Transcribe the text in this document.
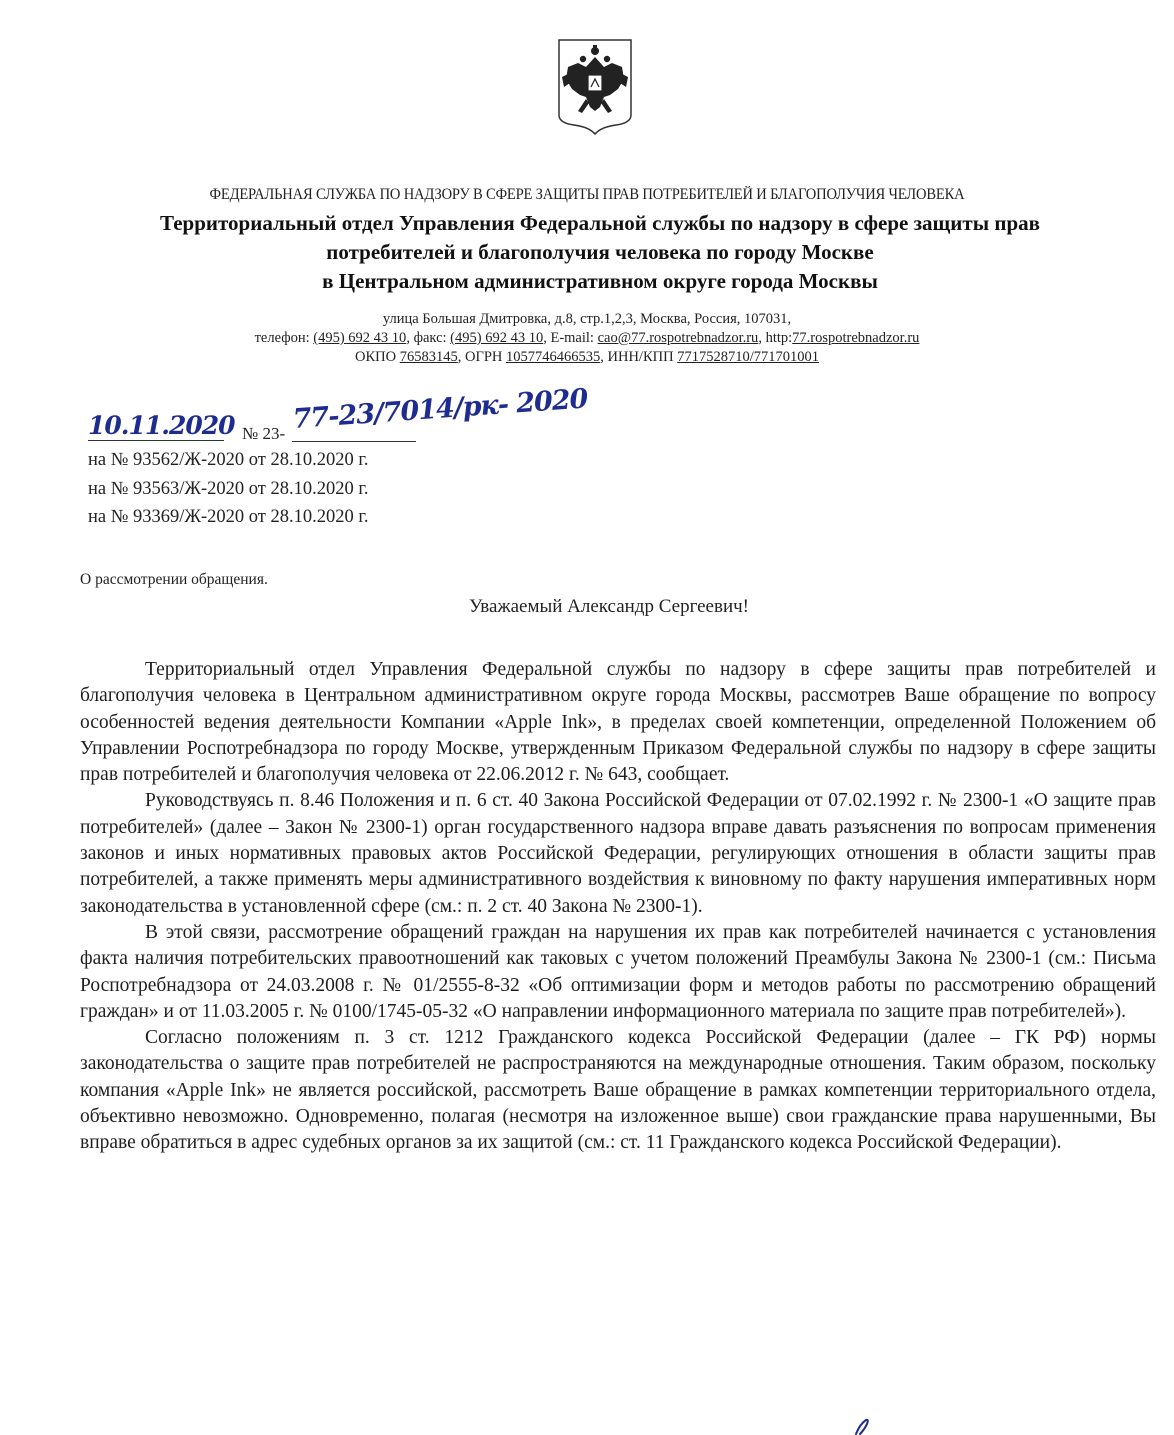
ФЕДЕРАЛЬНАЯ СЛУЖБА ПО НАДЗОРУ В СФЕРЕ ЗАЩИТЫ ПРАВ ПОТРЕБИТЕЛЕЙ И БЛАГОПОЛУЧИЯ ЧЕЛОВЕКА
Территориальный отдел Управления Федеральной службы по надзору в сфере защиты прав
потребителей и благополучия человека по городу Москве
в Центральном административном округе города Москвы
улица Большая Дмитровка, д.8, стр.1,2,3, Москва, Россия, 107031,
телефон: (495) 692 43 10, факс: (495) 692 43 10, E-mail: cao@77.rospotrebnadzor.ru, http:77.rospotrebnadzor.ru
ОКПО 76583145, ОГРН 1057746466535, ИНН/КПП 7717528710/771701001
10.11.2020 № 23- 77-23/7014/рк- 2020
на № 93562/Ж-2020 от 28.10.2020 г.
на № 93563/Ж-2020 от 28.10.2020 г.
на № 93369/Ж-2020 от 28.10.2020 г.
О рассмотрении обращения.
Уважаемый Александр Сергеевич!

Территориальный отдел Управления Федеральной службы по надзору в сфере защиты прав потребителей и благополучия человека в Центральном административном округе города Москвы, рассмотрев Ваше обращение по вопросу особенностей ведения деятельности Компании «Apple Ink», в пределах своей компетенции, определенной Положением об Управлении Роспотребнадзора по городу Москве, утвержденным Приказом Федеральной службы по надзору в сфере защиты прав потребителей и благополучия человека от 22.06.2012 г. № 643, сообщает.

Руководствуясь п. 8.46 Положения и п. 6 ст. 40 Закона Российской Федерации от 07.02.1992 г. № 2300-1 «О защите прав потребителей» (далее – Закон № 2300-1) орган государственного надзора вправе давать разъяснения по вопросам применения законов и иных нормативных правовых актов Российской Федерации, регулирующих отношения в области защиты прав потребителей, а также применять меры административного воздействия к виновному по факту нарушения императивных норм законодательства в установленной сфере (см.: п. 2 ст. 40 Закона № 2300-1).

В этой связи, рассмотрение обращений граждан на нарушения их прав как потребителей начинается с установления факта наличия потребительских правоотношений как таковых с учетом положений Преамбулы Закона № 2300-1 (см.: Письма Роспотребнадзора от 24.03.2008 г. № 01/2555-8-32 «Об оптимизации форм и методов работы по рассмотрению обращений граждан» и от 11.03.2005 г. № 0100/1745-05-32 «О направлении информационного материала по защите прав потребителей»).

Согласно положениям п. 3 ст. 1212 Гражданского кодекса Российской Федерации (далее – ГК РФ) нормы законодательства о защите прав потребителей не распространяются на международные отношения. Таким образом, поскольку компания «Apple Ink» не является российской, рассмотреть Ваше обращение в рамках компетенции территориального отдела, объективно невозможно. Одновременно, полагая (несмотря на изложенное выше) свои гражданские права нарушенными, Вы вправе обратиться в адрес судебных органов за их защитой (см.: ст. 11 Гражданского кодекса Российской Федерации).
